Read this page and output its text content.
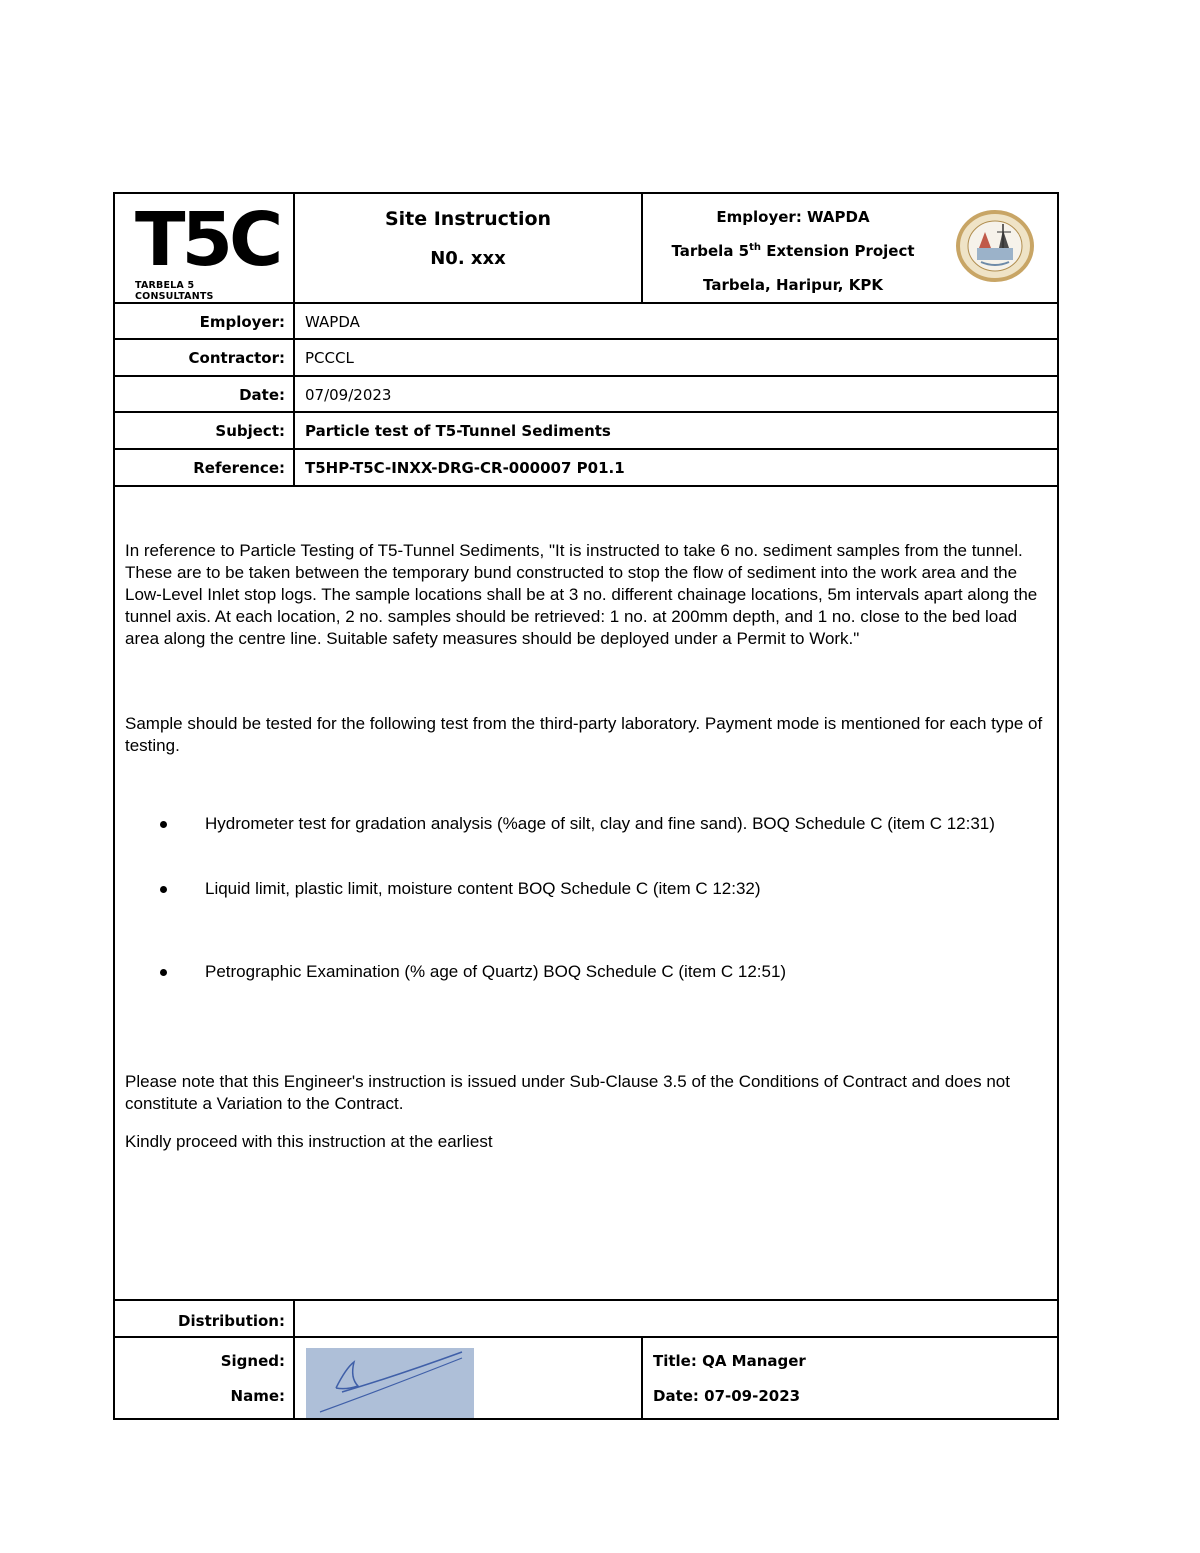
T5C
TARBELA 5 CONSULTANTS
Site Instruction
N0. xxx
Employer: WAPDA
Tarbela 5th Extension Project
Tarbela, Haripur, KPK
Employer: WAPDA
Contractor: PCCCL
Date: 07/09/2023
Subject: Particle test of T5-Tunnel Sediments
Reference: T5HP-T5C-INXX-DRG-CR-000007 P01.1
In reference to Particle Testing of T5-Tunnel Sediments, "It is instructed to take 6 no. sediment samples from the tunnel. These are to be taken between the temporary bund constructed to stop the flow of sediment into the work area and the Low-Level Inlet stop logs. The sample locations shall be at 3 no. different chainage locations, 5m intervals apart along the tunnel axis. At each location, 2 no. samples should be retrieved: 1 no. at 200mm depth, and 1 no. close to the bed load area along the centre line. Suitable safety measures should be deployed under a Permit to Work."
Sample should be tested for the following test from the third-party laboratory. Payment mode is mentioned for each type of testing.
Hydrometer test for gradation analysis (%age of silt, clay and fine sand). BOQ Schedule C (item C 12:31)
Liquid limit, plastic limit, moisture content BOQ Schedule C (item C 12:32)
Petrographic Examination (% age of Quartz) BOQ Schedule C (item C 12:51)
Please note that this Engineer's instruction is issued under Sub-Clause 3.5 of the Conditions of Contract and does not constitute a Variation to the Contract.
Kindly proceed with this instruction at the earliest
Distribution:
Signed:
Name:
Title: QA Manager
Date: 07-09-2023
